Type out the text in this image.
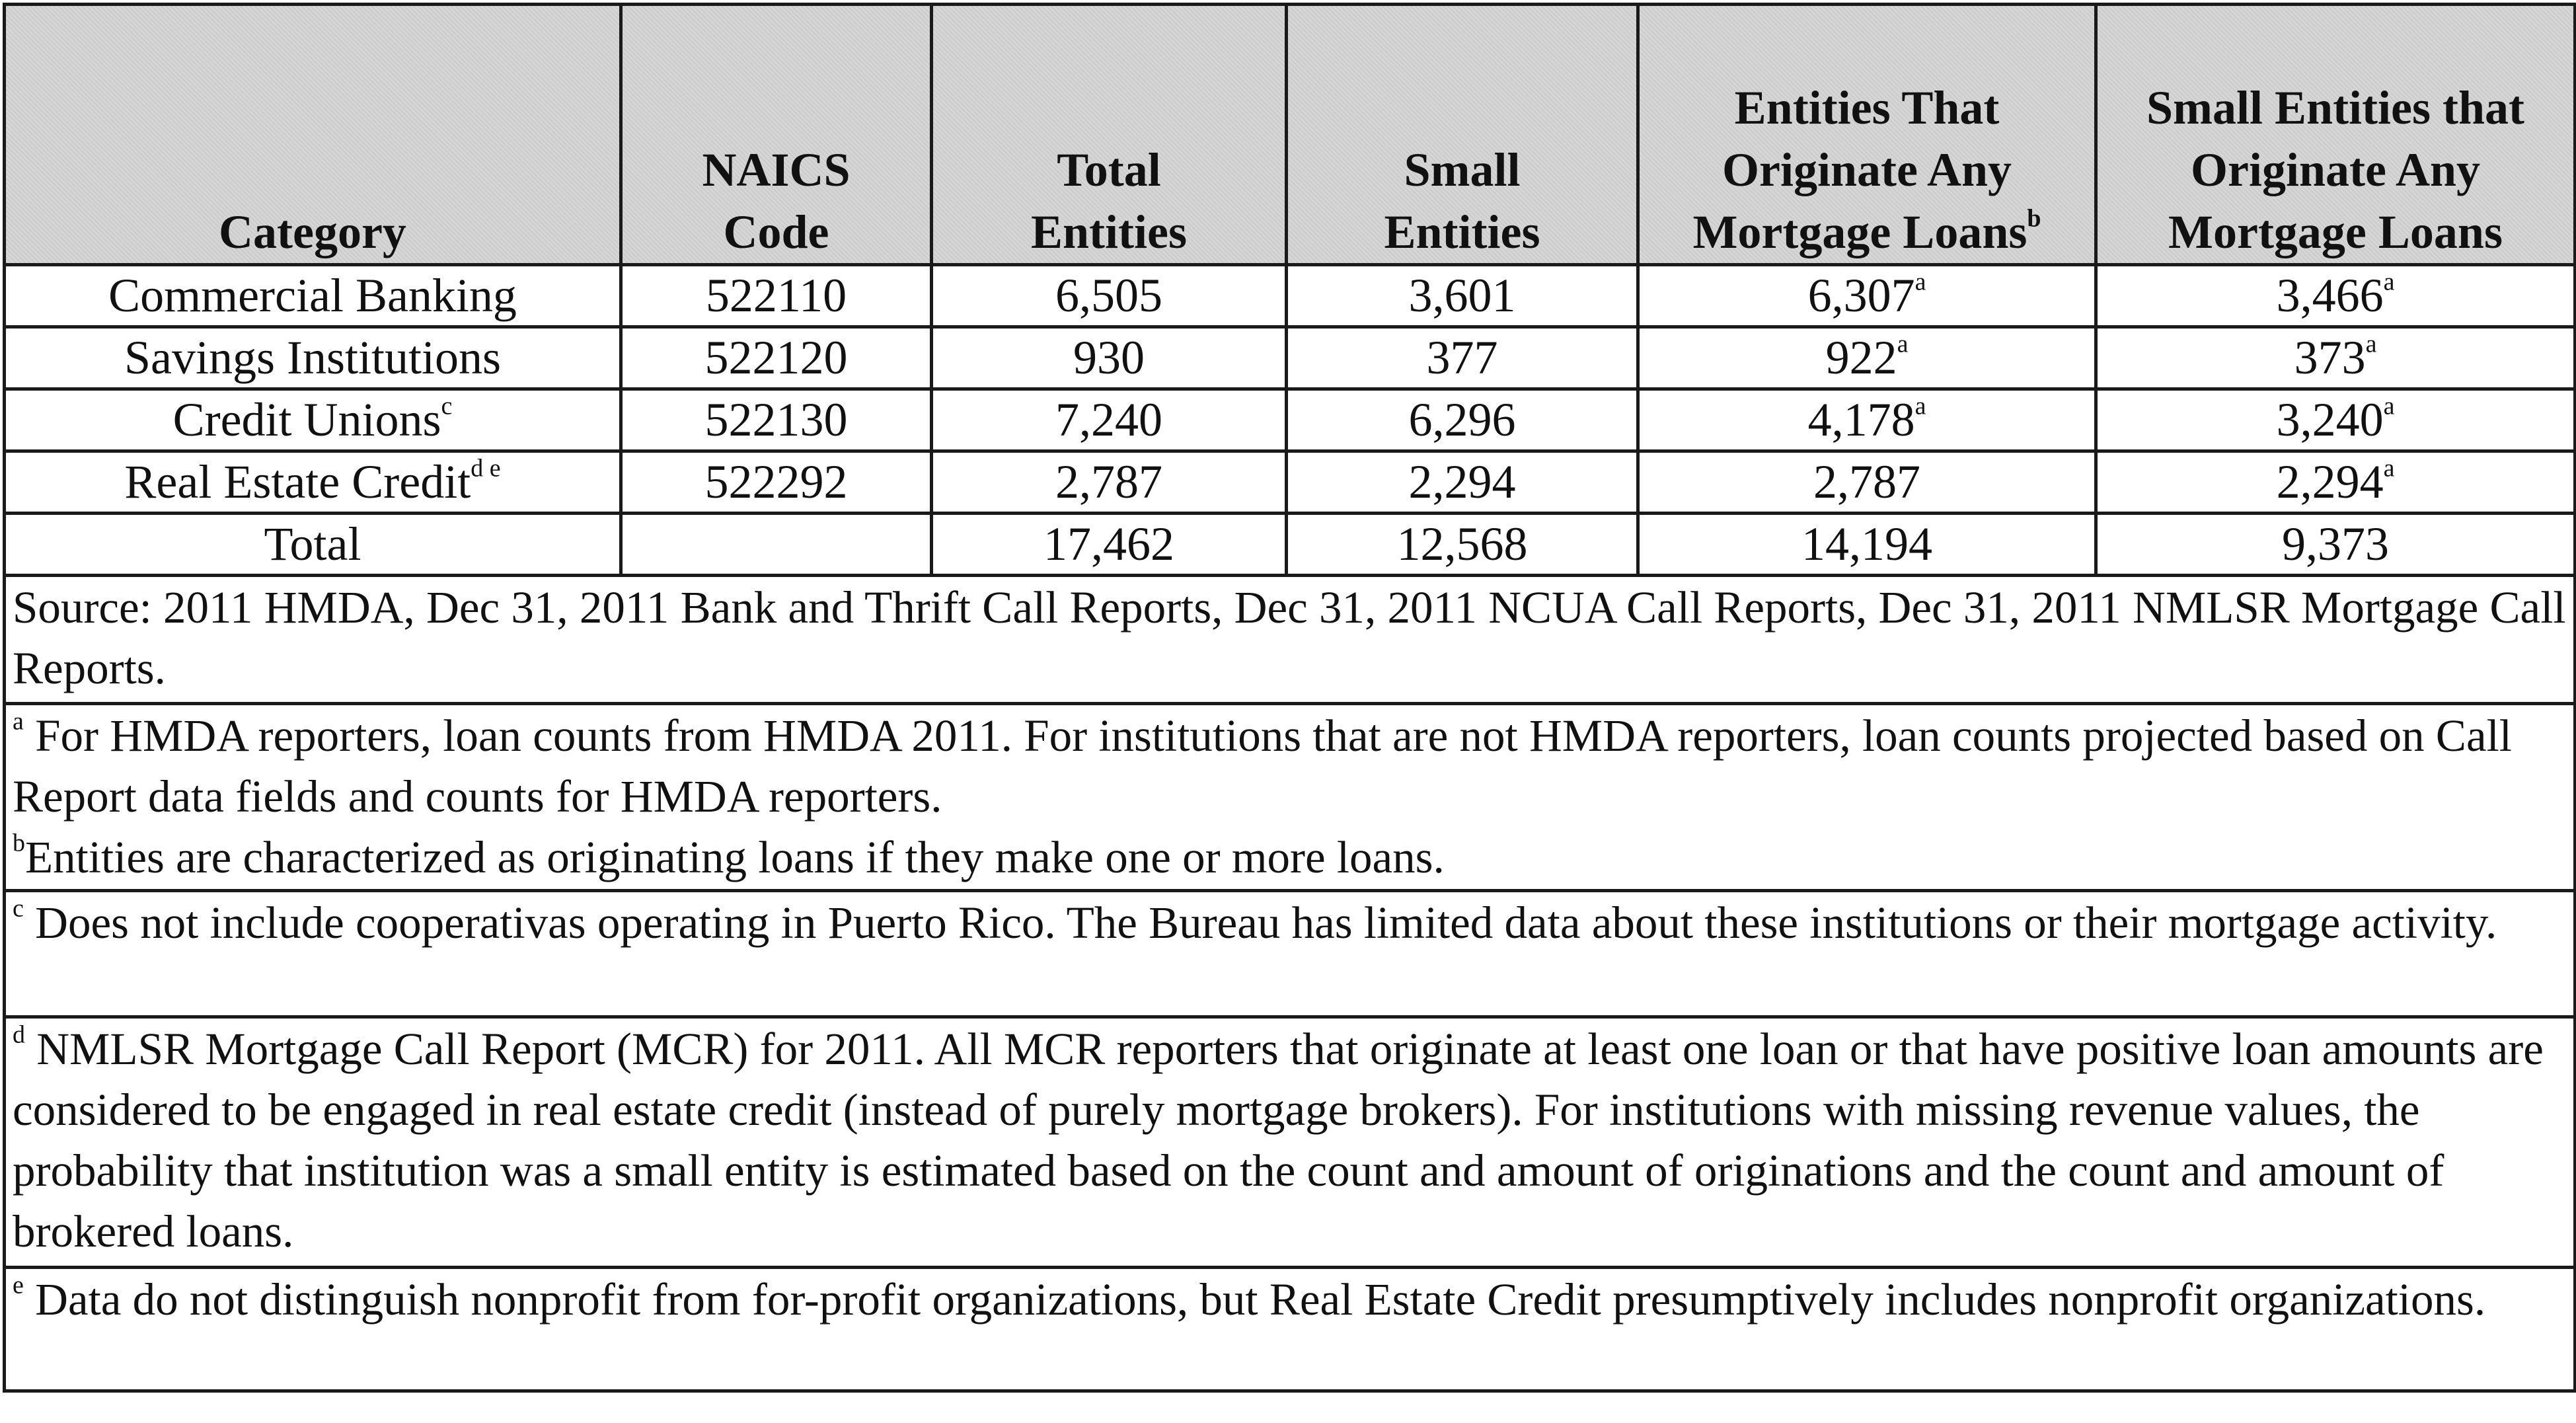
Category	NAICS Code	Total Entities	Small Entities	Entities That Originate Any Mortgage Loans$^b$	Small Entities that Originate Any Mortgage Loans
Commercial Banking	522110	6,505	3,601	6,307$^a$	3,466$^a$
Savings Institutions	522120	930	377	922$^a$	373$^a$
Credit Unions$^c$	522130	7,240	6,296	4,178$^a$	3,240$^a$
Real Estate Credit$^{d e}$	522292	2,787	2,294	2,787	2,294$^a$
Total		17,462	12,568	14,194	9,373
Source: 2011 HMDA, Dec 31, 2011 Bank and Thrift Call Reports, Dec 31, 2011 NCUA Call Reports, Dec 31, 2011 NMLSR Mortgage Call Reports.					

$^a$ For HMDA reporters, loan counts from HMDA 2011. For institutions that are not HMDA reporters, loan counts projected based on Call Report data fields and counts for HMDA reporters.
$^b$Entities are characterized as originating loans if they make one or more loans.					

$^c$ Does not include cooperativas operating in Puerto Rico. The Bureau has limited data about these institutions or their mortgage activity.					
$^d$ NMLSR Mortgage Call Report (MCR) for 2011. All MCR reporters that originate at least one loan or that have positive loan amounts are considered to be engaged in real estate credit (instead of purely mortgage brokers). For institutions with missing revenue values, the probability that institution was a small entity is estimated based on the count and amount of originations and the count and amount of brokered loans.					
$^e$ Data do not distinguish nonprofit from for-profit organizations, but Real Estate Credit presumptively includes nonprofit organizations.					
